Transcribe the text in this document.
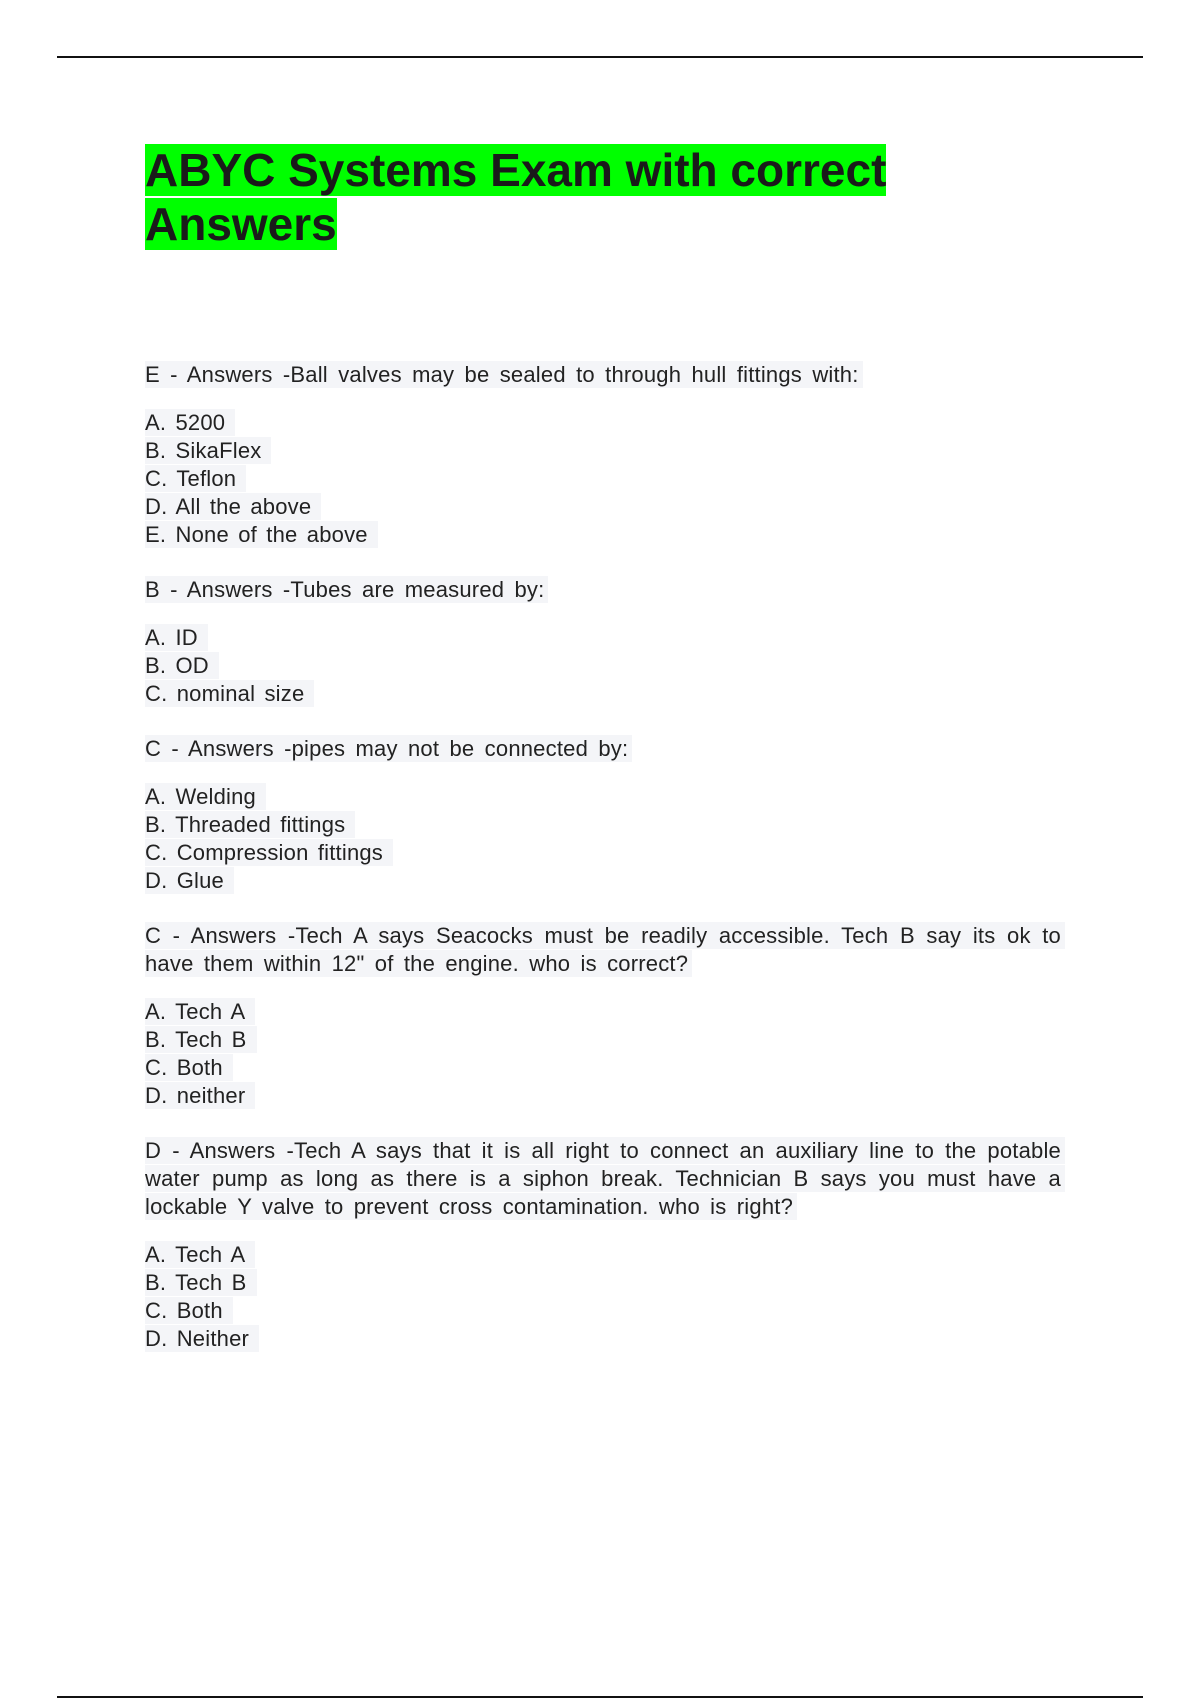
ABYC Systems Exam with correct Answers

E - Answers -Ball valves may be sealed to through hull fittings with:

A. 5200
B. SikaFlex
C. Teflon
D. All the above
E. None of the above

B - Answers -Tubes are measured by:

A. ID
B. OD
C. nominal size

C - Answers -pipes may not be connected by:

A. Welding
B. Threaded fittings
C. Compression fittings
D. Glue

C - Answers -Tech A says Seacocks must be readily accessible. Tech B say its ok to have them within 12" of the engine. who is correct?

A. Tech A
B. Tech B
C. Both
D. neither

D - Answers -Tech A says that it is all right to connect an auxiliary line to the potable water pump as long as there is a siphon break. Technician B says you must have a lockable Y valve to prevent cross contamination. who is right?

A. Tech A
B. Tech B
C. Both
D. Neither
